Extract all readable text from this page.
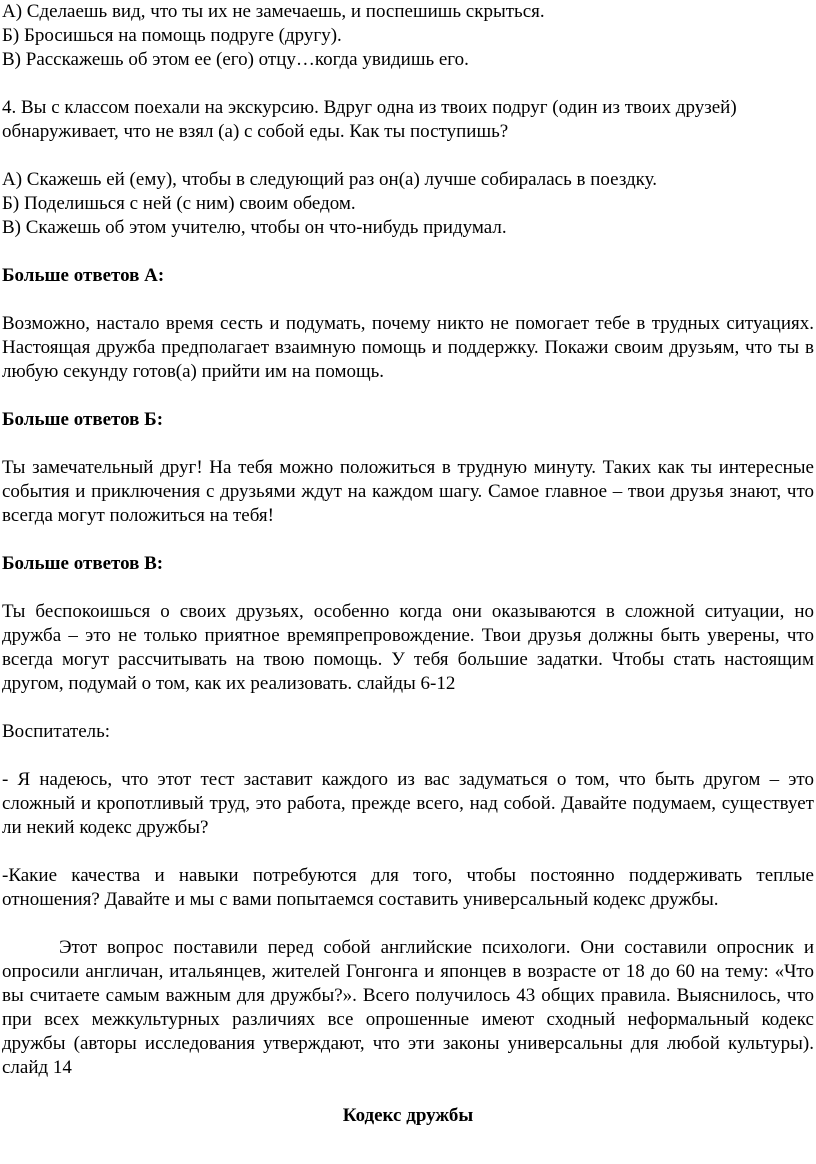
А) Сделаешь вид, что ты их не замечаешь, и поспешишь скрыться.

Б) Бросишься на помощь подруге (другу).

В) Расскажешь об этом ее (его) отцу…когда увидишь его.

4. Вы с классом поехали на экскурсию. Вдруг одна из твоих подруг (один из твоих друзей) обнаруживает, что не взял (а) с собой еды. Как ты поступишь?

А) Скажешь ей (ему), чтобы в следующий раз он(а) лучше собиралась в поездку.

Б) Поделишься с ней (с ним) своим обедом.

В) Скажешь об этом учителю, чтобы он что-нибудь придумал.

Больше ответов А:

Возможно, настало время сесть и подумать, почему никто не помогает тебе в трудных ситуациях. Настоящая дружба предполагает взаимную помощь и поддержку. Покажи своим друзьям, что ты в любую секунду готов(а) прийти им на помощь.

Больше ответов Б:

Ты замечательный друг! На тебя можно положиться в трудную минуту. Таких как ты интересные события и приключения с друзьями ждут на каждом шагу. Самое главное – твои друзья знают, что всегда могут положиться на тебя!

Больше ответов В:

Ты беспокоишься о своих друзьях, особенно когда они оказываются в сложной ситуации, но дружба – это не только приятное времяпрепровождение. Твои друзья должны быть уверены, что всегда могут рассчитывать на твою помощь. У тебя большие задатки. Чтобы стать настоящим другом, подумай о том, как их реализовать. слайды 6-12

Воспитатель:

- Я надеюсь, что этот тест заставит каждого из вас задуматься о том, что быть другом – это сложный и кропотливый труд, это работа, прежде всего, над собой. Давайте подумаем, существует ли некий кодекс дружбы?

-Какие качества и навыки потребуются для того, чтобы постоянно поддерживать теплые отношения? Давайте и мы с вами попытаемся составить универсальный кодекс дружбы.

Этот вопрос поставили перед собой английские психологи. Они составили опросник и опросили англичан, итальянцев, жителей Гонгонга и японцев в возрасте от 18 до 60 на тему: «Что вы считаете самым важным для дружбы?». Всего получилось 43 общих правила. Выяснилось, что при всех межкультурных различиях все опрошенные имеют сходный неформальный кодекс дружбы (авторы исследования утверждают, что эти законы универсальны для любой культуры). слайд 14

Кодекс дружбы
